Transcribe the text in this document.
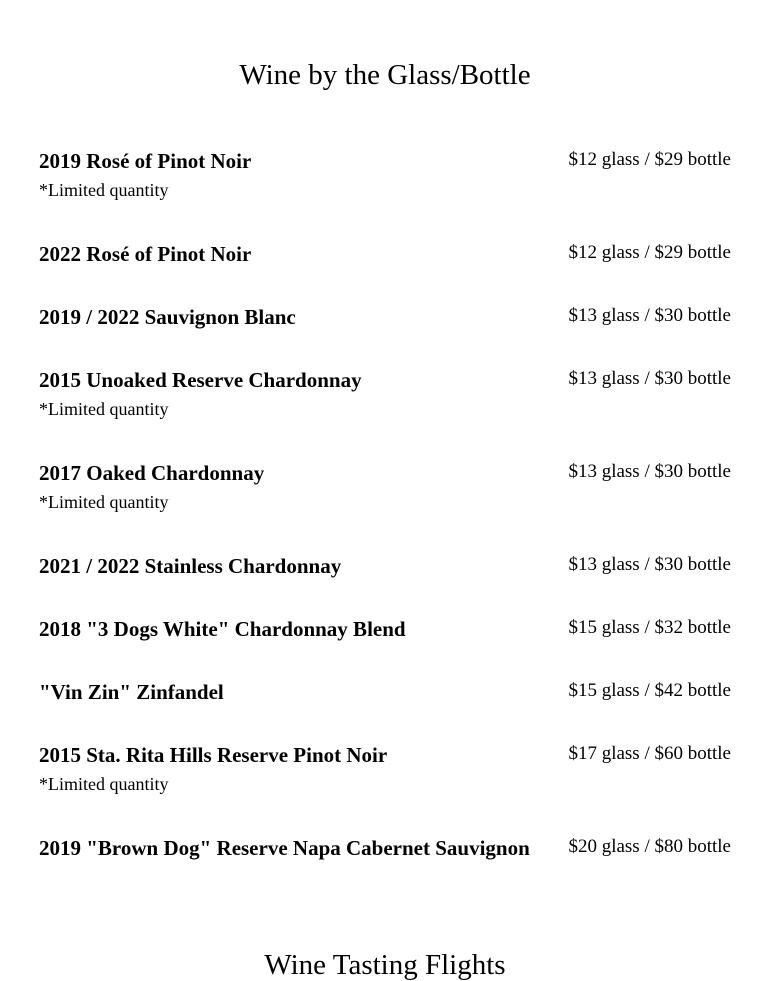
Wine by the Glass/Bottle
2019 Rosé of Pinot Noir	$12 glass / $29 bottle
*Limited quantity
2022 Rosé of Pinot Noir	$12 glass / $29 bottle
2019 / 2022 Sauvignon Blanc	$13 glass / $30 bottle
2015 Unoaked Reserve Chardonnay	$13 glass / $30 bottle
*Limited quantity
2017 Oaked Chardonnay	$13 glass / $30 bottle
*Limited quantity
2021 / 2022 Stainless Chardonnay	$13 glass / $30 bottle
2018 "3 Dogs White" Chardonnay Blend	$15 glass / $32 bottle
"Vin Zin" Zinfandel	$15 glass / $42 bottle
2015 Sta. Rita Hills Reserve Pinot Noir	$17 glass / $60 bottle
*Limited quantity
2019 "Brown Dog" Reserve Napa Cabernet Sauvignon $20 glass / $80 bottle
Wine Tasting Flights
